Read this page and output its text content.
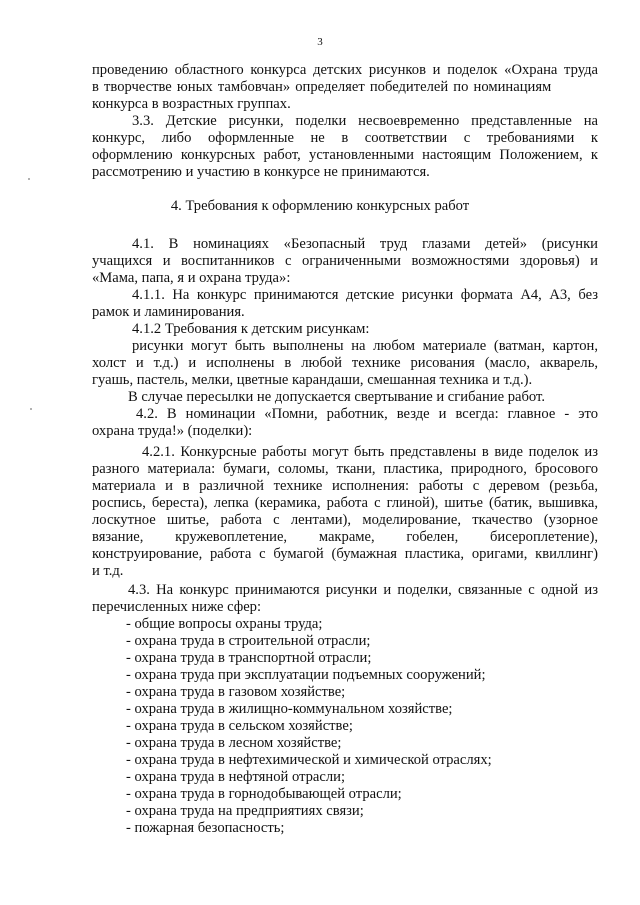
3
проведению областного конкурса детских рисунков и поделок «Охрана труда
в творчестве юных тамбовчан» определяет победителей по номинациям
конкурса в возрастных группах.
3.3. Детские рисунки, поделки несвоевременно представленные на
конкурс, либо оформленные не в соответствии с требованиями к
оформлению конкурсных работ, установленными настоящим Положением, к
рассмотрению и участию в конкурсе не принимаются.
4. Требования к оформлению конкурсных работ
4.1. В номинациях «Безопасный труд глазами детей» (рисунки
учащихся и воспитанников с ограниченными возможностями здоровья) и
«Мама, папа, я и охрана труда»:
4.1.1. На конкурс принимаются детские рисунки формата А4, А3, без
рамок и ламинирования.
4.1.2 Требования к детским рисункам:
рисунки могут быть выполнены на любом материале (ватман, картон,
холст и т.д.) и исполнены в любой технике рисования (масло, акварель,
гуашь, пастель, мелки, цветные карандаши, смешанная техника и т.д.).
В случае пересылки не допускается свертывание и сгибание работ.
4.2. В номинации «Помни, работник, везде и всегда: главное - это
охрана труда!» (поделки):
4.2.1. Конкурсные работы могут быть представлены в виде поделок из
разного материала: бумаги, соломы, ткани, пластика, природного, бросового
материала и в различной технике исполнения: работы с деревом (резьба,
роспись, береста), лепка (керамика, работа с глиной), шитье (батик, вышивка,
лоскутное шитье, работа с лентами), моделирование, ткачество (узорное
вязание, кружевоплетение, макраме, гобелен, бисероплетение),
конструирование, работа с бумагой (бумажная пластика, оригами, квиллинг)
и т.д.
4.3. На конкурс принимаются рисунки и поделки, связанные с одной из
перечисленных ниже сфер:
- общие вопросы охраны труда;
- охрана труда в строительной отрасли;
- охрана труда в транспортной отрасли;
- охрана труда при эксплуатации подъемных сооружений;
- охрана труда в газовом хозяйстве;
- охрана труда в жилищно-коммунальном хозяйстве;
- охрана труда в сельском хозяйстве;
- охрана труда в лесном хозяйстве;
- охрана труда в нефтехимической и химической отраслях;
- охрана труда в нефтяной отрасли;
- охрана труда в горнодобывающей отрасли;
- охрана труда на предприятиях связи;
- пожарная безопасность;
